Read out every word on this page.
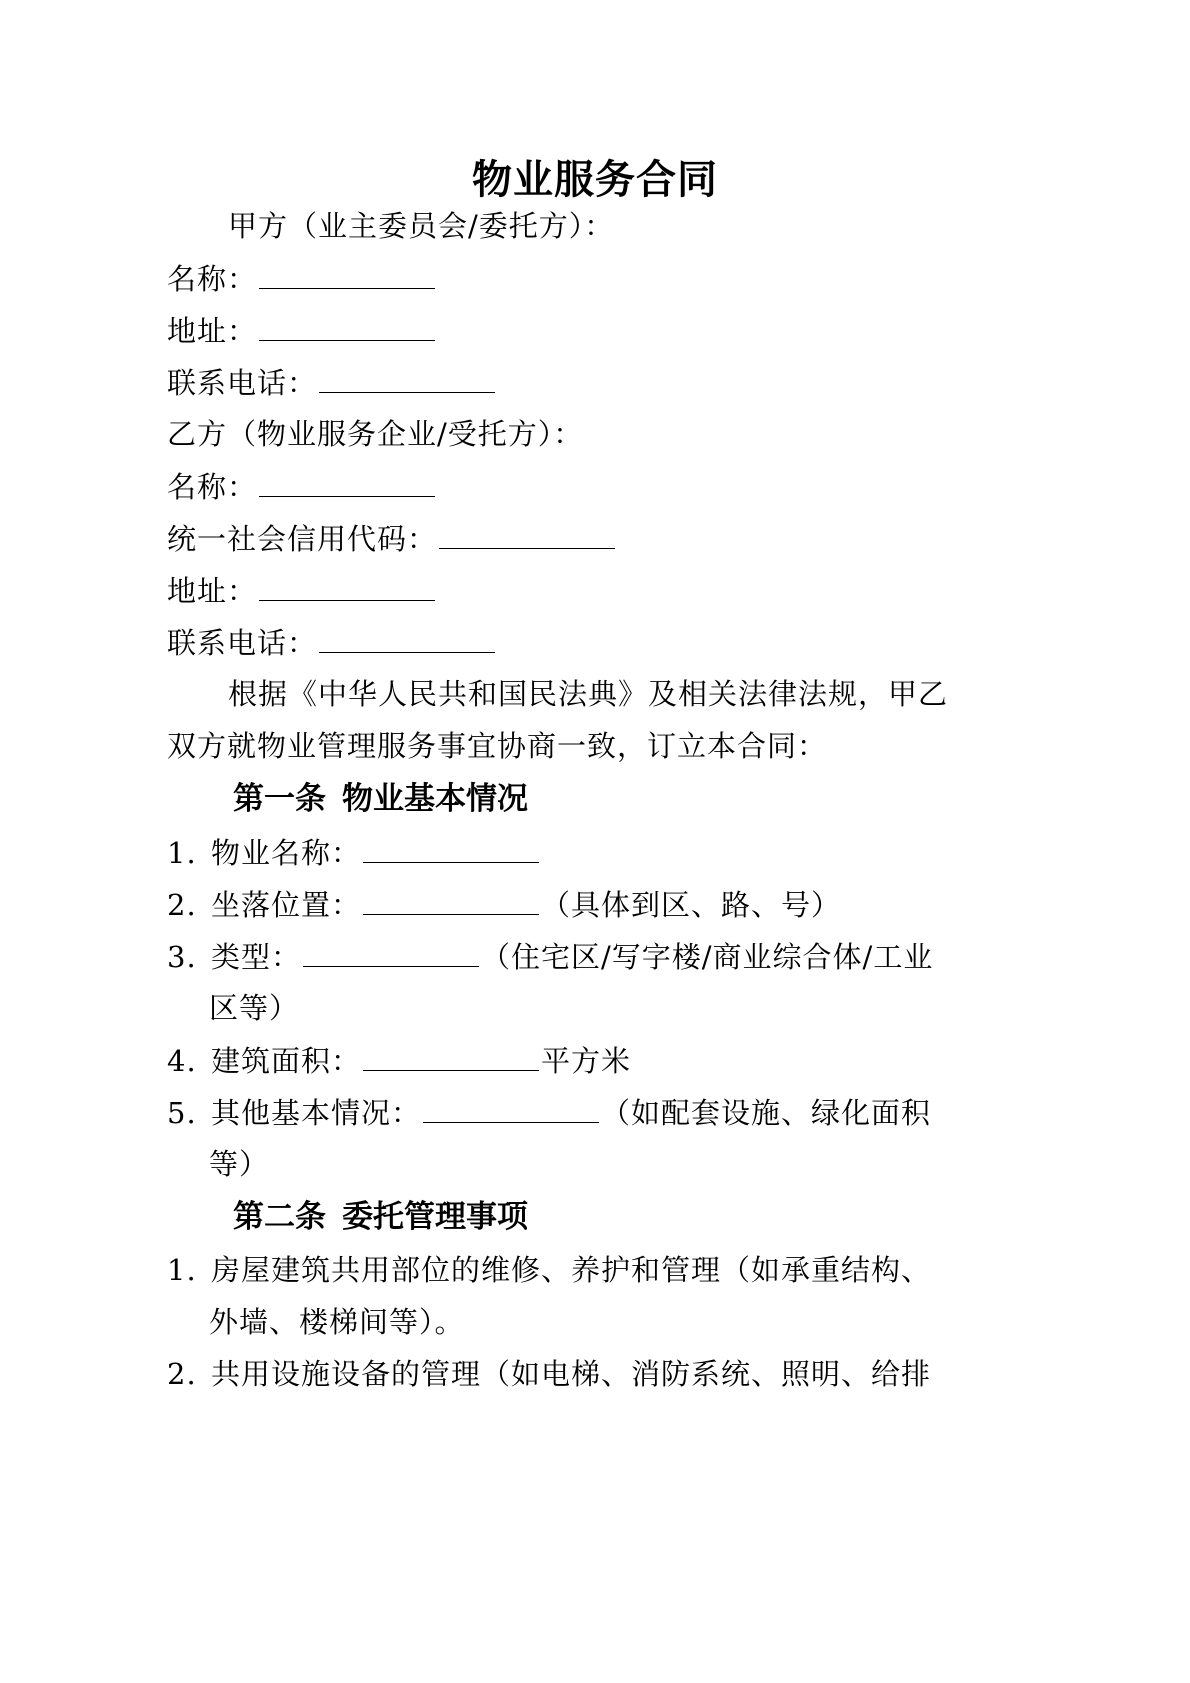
物业服务合同
甲方（业主委员会/委托方）：
名称：
地址：
联系电话：
乙方（物业服务企业/受托方）：
名称：
统一社会信用代码：
地址：
联系电话：
根据《中华人民共和国民法典》及相关法律法规，甲乙
双方就物业管理服务事宜协商一致，订立本合同：
第一条 物业基本情况
1. 物业名称：
2. 坐落位置：	（具体到区、路、号）
3. 类型：	（住宅区/写字楼/商业综合体/工业
区等）
4. 建筑面积：	平方米
5. 其他基本情况：	（如配套设施、绿化面积
等）
第二条 委托管理事项
1. 房屋建筑共用部位的维修、养护和管理（如承重结构、
外墙、楼梯间等）。
2. 共用设施设备的管理（如电梯、消防系统、照明、给排
